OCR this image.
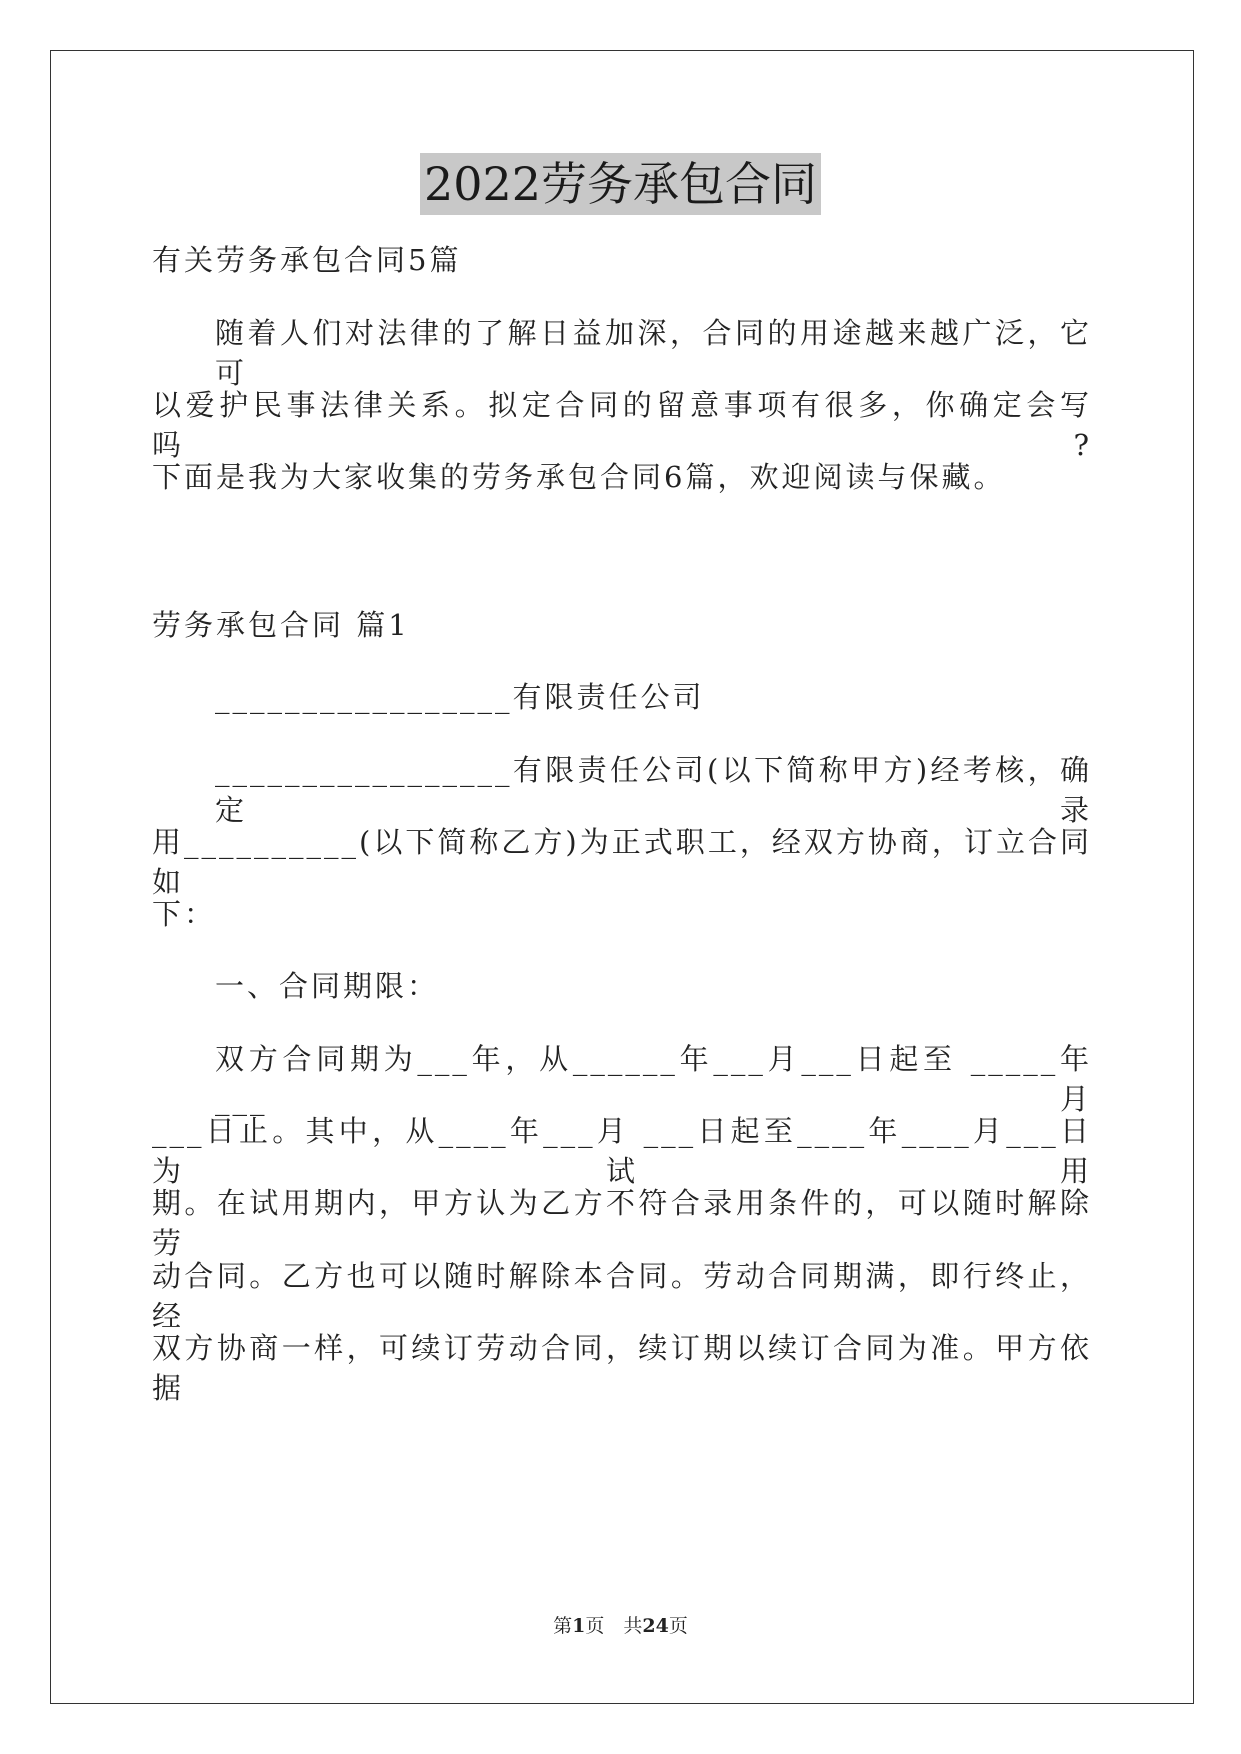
2022劳务承包合同
有关劳务承包合同5篇
随着人们对法律的了解日益加深，合同的用途越来越广泛，它可
以爱护民事法律关系。拟定合同的留意事项有很多，你确定会写吗?
下面是我为大家收集的劳务承包合同6篇，欢迎阅读与保藏。
劳务承包合同 篇1
_________________有限责任公司
_________________有限责任公司(以下简称甲方)经考核，确定录
用__________(以下简称乙方)为正式职工，经双方协商，订立合同如
下：
一、合同期限：
双方合同期为___年，从______年___月___日起至 _____年___月
___日止。其中，从____年___月 ___日起至____年____月___日为试用
期。在试用期内，甲方认为乙方不符合录用条件的，可以随时解除劳
动合同。乙方也可以随时解除本合同。劳动合同期满，即行终止，经
双方协商一样，可续订劳动合同，续订期以续订合同为准。甲方依据
第1页　共24页
